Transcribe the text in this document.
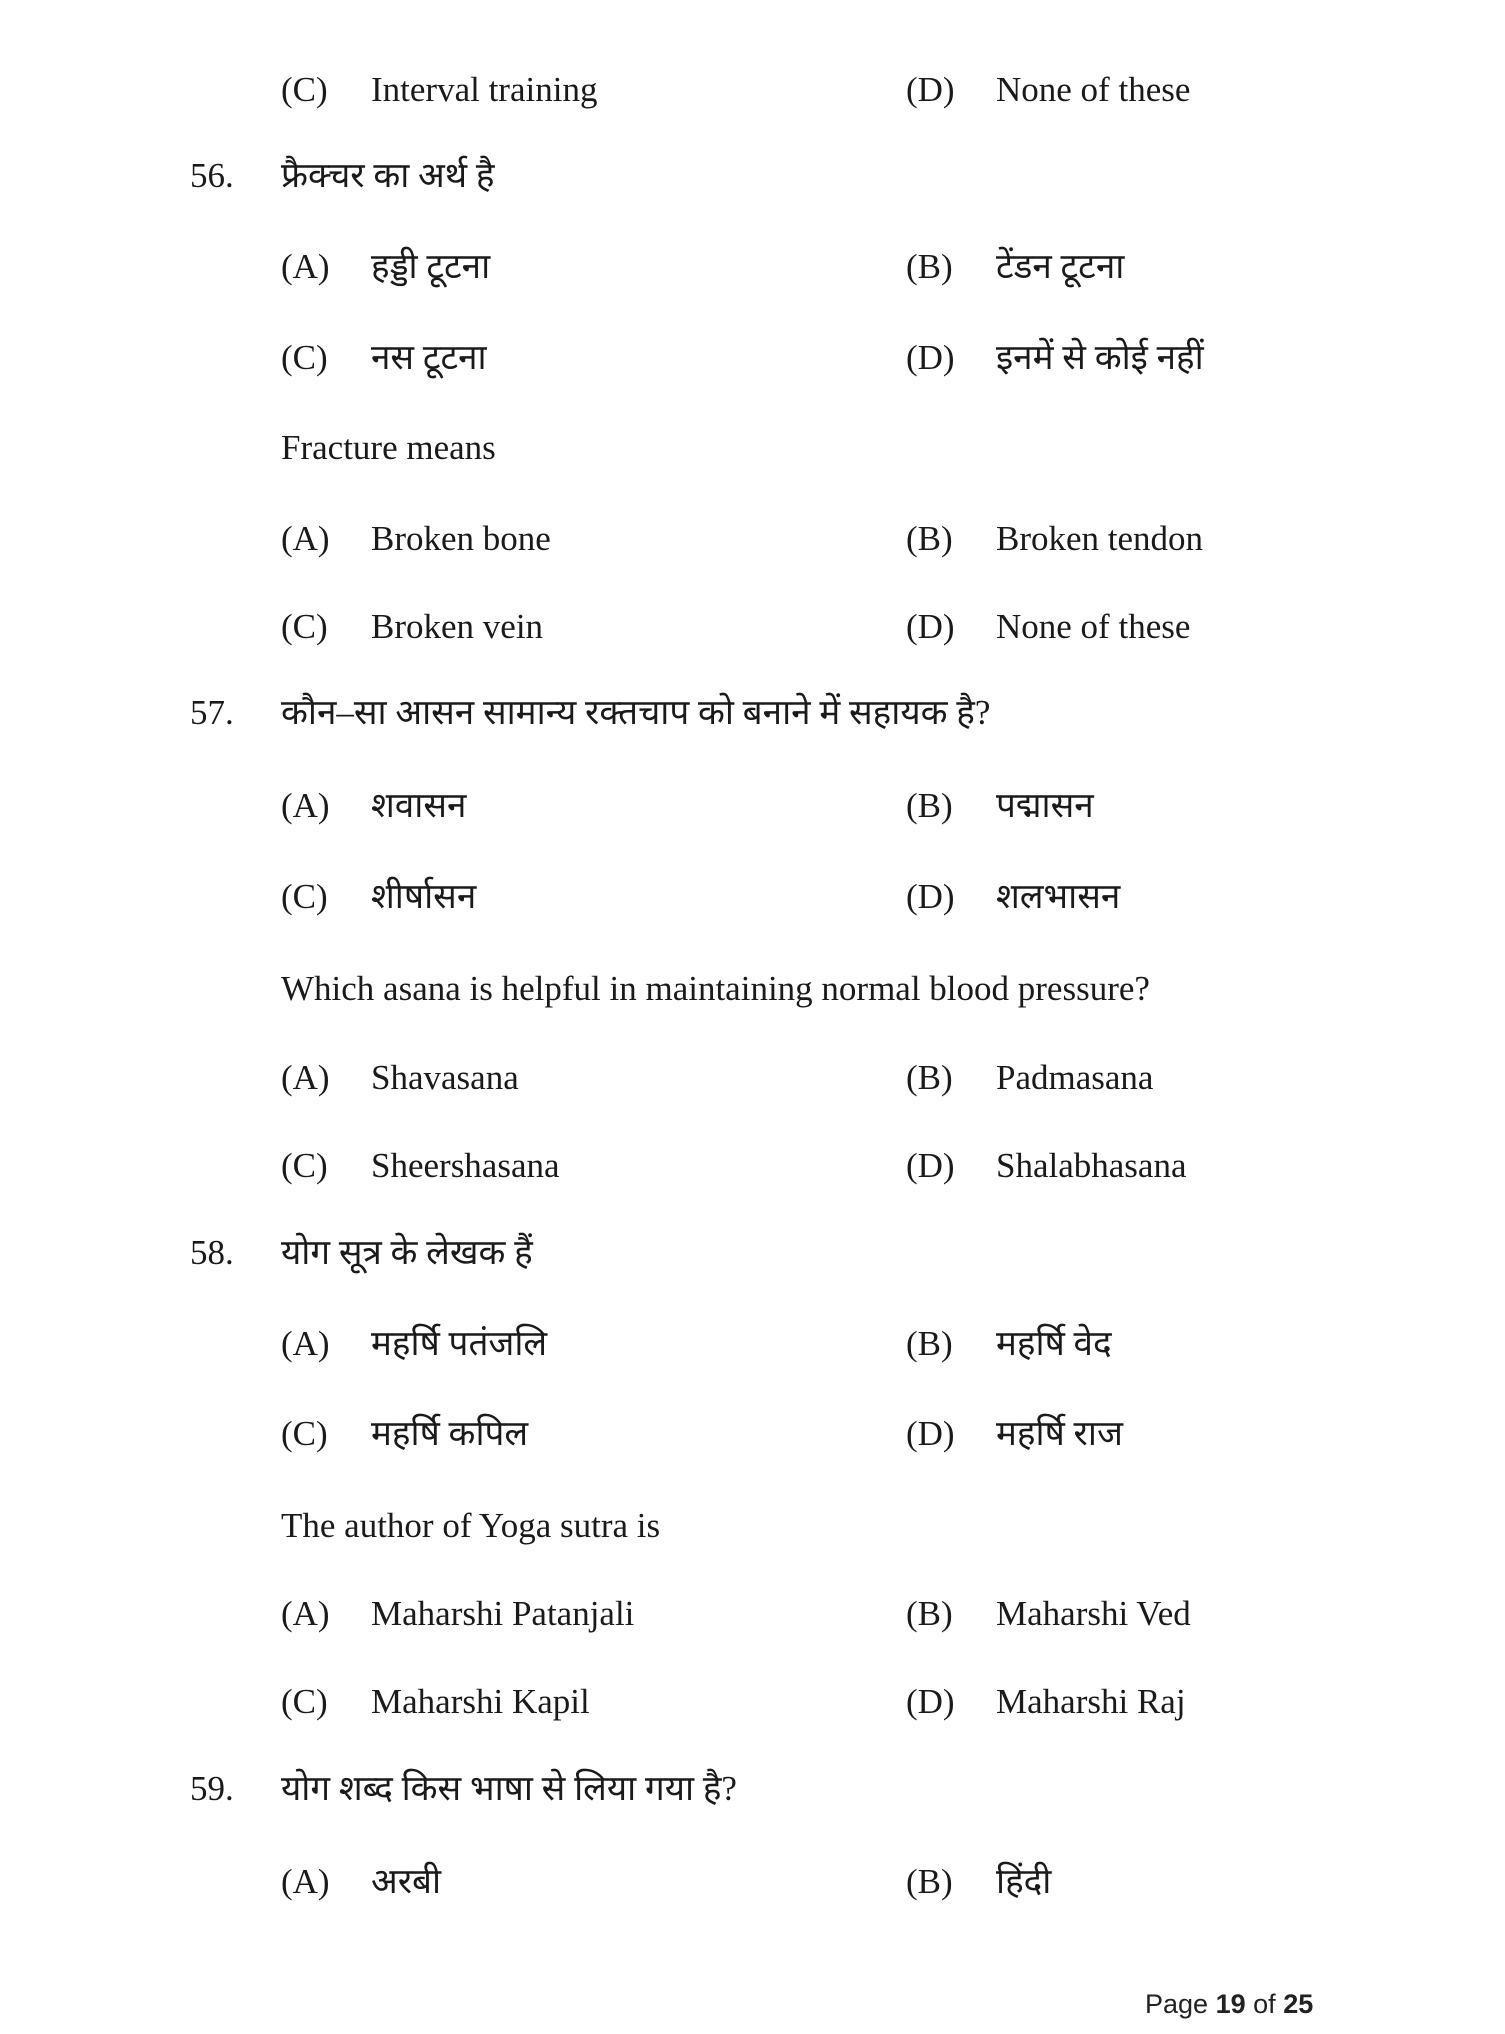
(C) Interval training	(D) None of these
56. फ्रैक्चर का अर्थ है
(A) हड्डी टूटना	(B) टेंडन टूटना
(C) नस टूटना	(D) इनमें से कोई नहीं
Fracture means
(A) Broken bone	(B) Broken tendon
(C) Broken vein	(D) None of these
57. कौन–सा आसन सामान्य रक्तचाप को बनाने में सहायक है?
(A) शवासन	(B) पद्मासन
(C) शीर्षासन	(D) शलभासन
Which asana is helpful in maintaining normal blood pressure?
(A) Shavasana	(B) Padmasana
(C) Sheershasana	(D) Shalabhasana
58. योग सूत्र के लेखक हैं
(A) महर्षि पतंजलि	(B) महर्षि वेद
(C) महर्षि कपिल	(D) महर्षि राज
The author of Yoga sutra is
(A) Maharshi Patanjali	(B) Maharshi Ved
(C) Maharshi Kapil	(D) Maharshi Raj
59. योग शब्द किस भाषा से लिया गया है?
(A) अरबी	(B) हिंदी
Page 19 of 25
